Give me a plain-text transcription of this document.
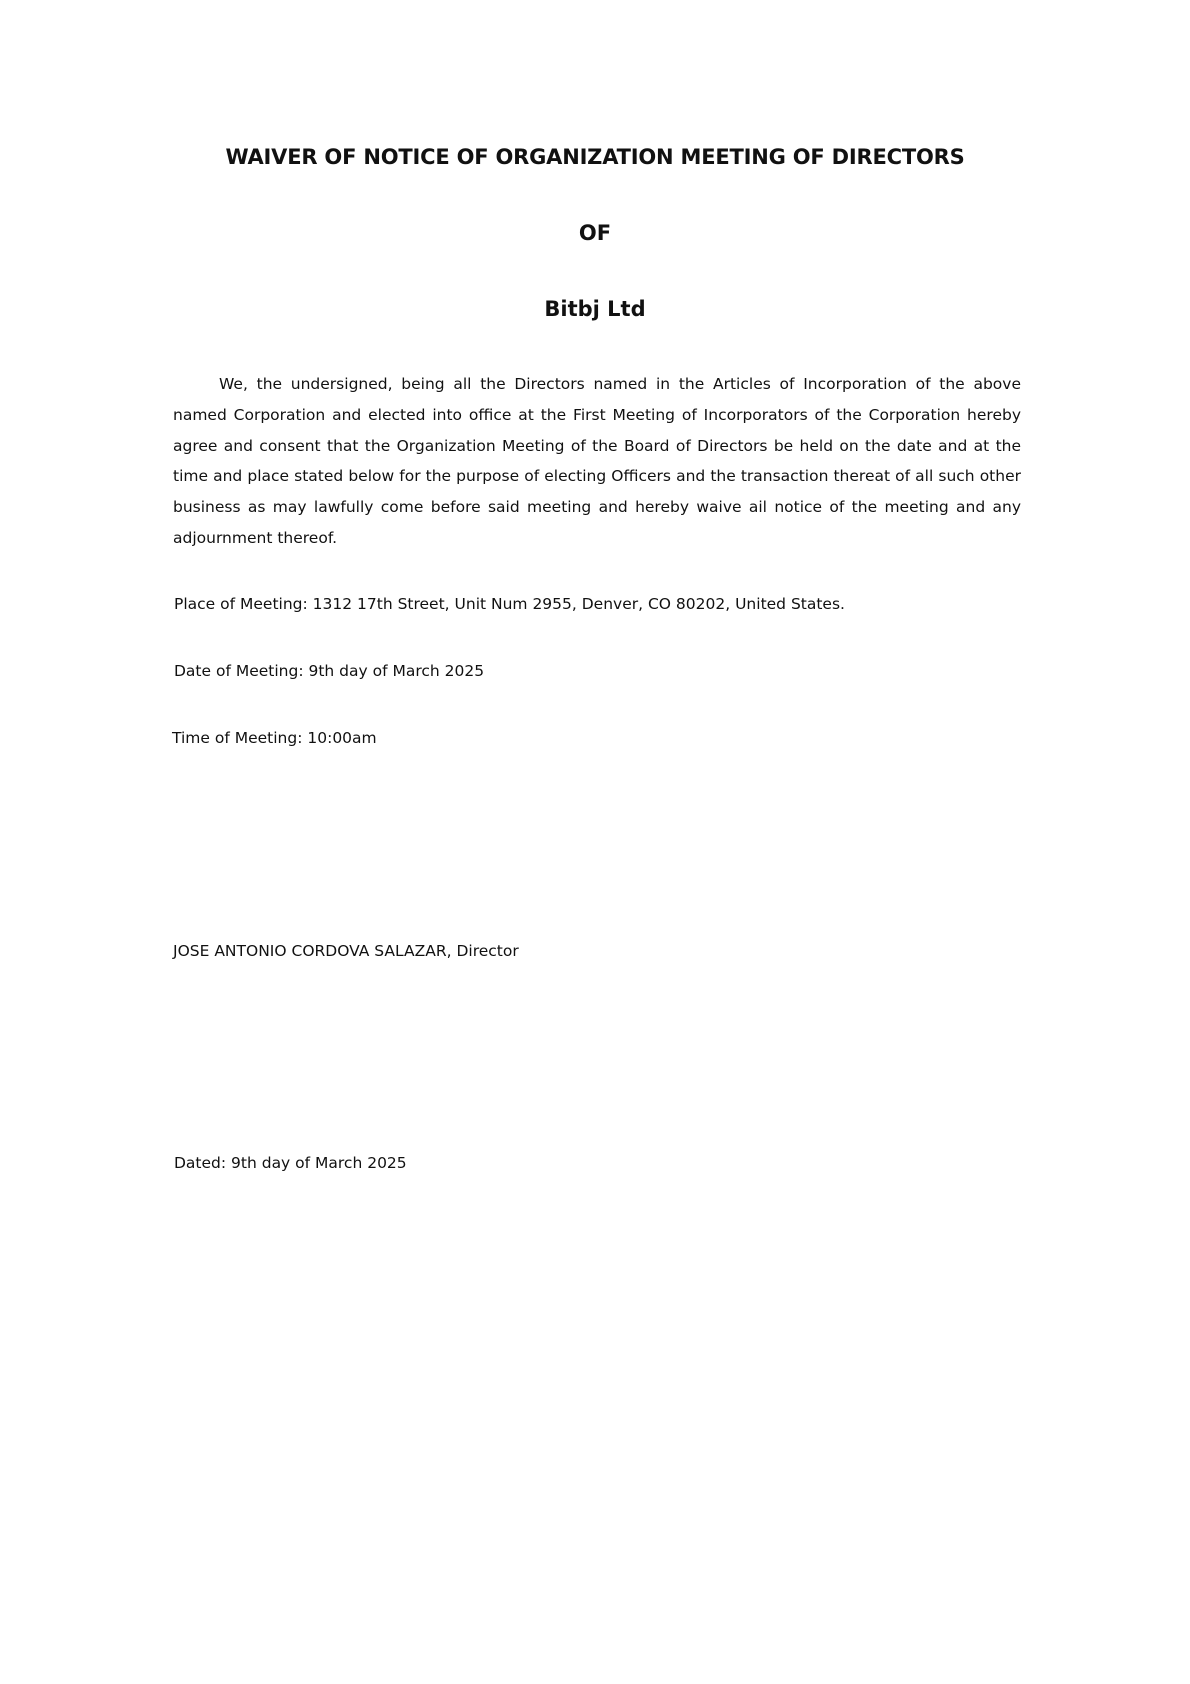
WAIVER OF NOTICE OF ORGANIZATION MEETING OF DIRECTORS
OF
Bitbj Ltd

We, the undersigned, being all the Directors named in the Articles of Incorporation of the above named Corporation and elected into office at the First Meeting of Incorporators of the Corporation hereby agree and consent that the Organization Meeting of the Board of Directors be held on the date and at the time and place stated below for the purpose of electing Officers and the transaction thereat of all such other business as may lawfully come before said meeting and hereby waive ail notice of the meeting and any adjournment thereof.

Place of Meeting: 1312 17th Street, Unit Num 2955, Denver, CO 80202, United States.
Date of Meeting: 9th day of March 2025
Time of Meeting: 10:00am
JOSE ANTONIO CORDOVA SALAZAR, Director
Dated: 9th day of March 2025
